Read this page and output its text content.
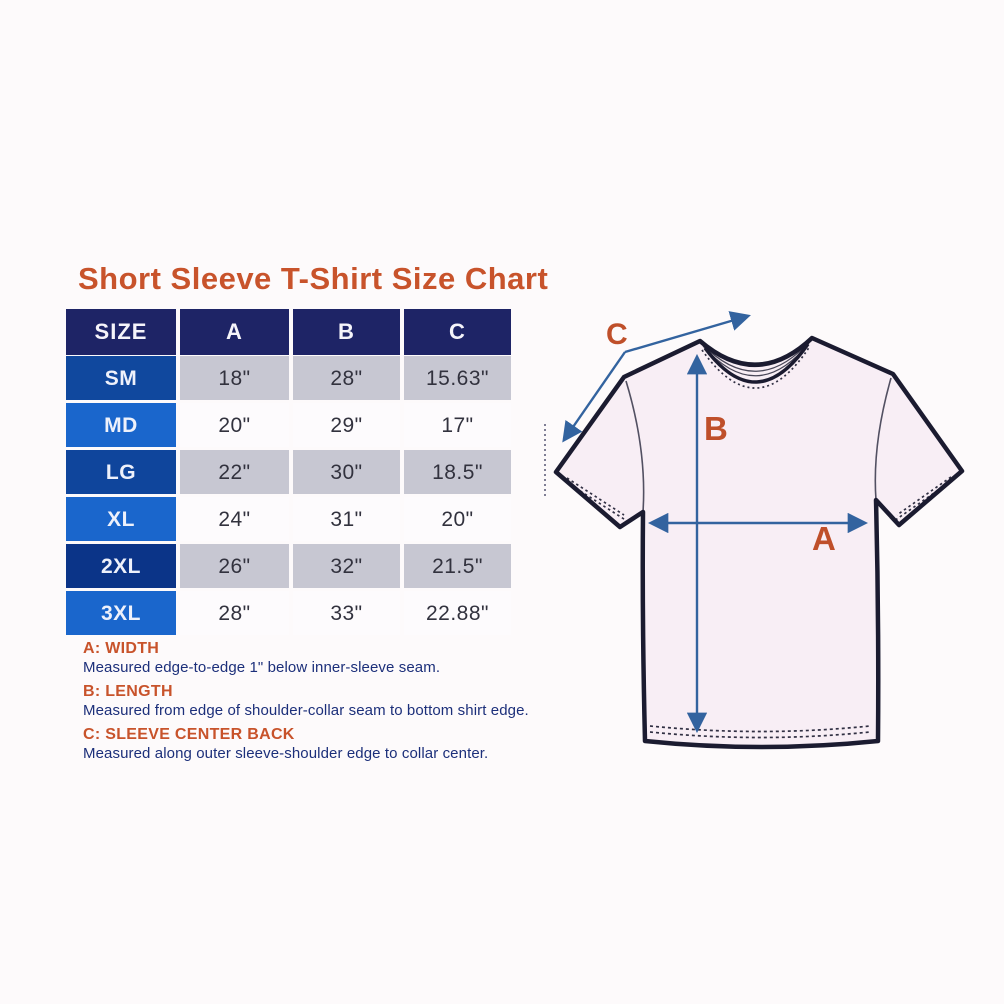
Short Sleeve T-Shirt Size Chart
SIZE	A	B	C
SM	18"	28"	15.63"
MD	20"	29"	17"
LG	22"	30"	18.5"
XL	24"	31"	20"
2XL	26"	32"	21.5"
3XL	28"	33"	22.88"
A: WIDTH
Measured edge-to-edge 1" below inner-sleeve seam.
B: LENGTH
Measured from edge of shoulder-collar seam to bottom shirt edge.
C: SLEEVE CENTER BACK
Measured along outer sleeve-shoulder edge to collar center.
C
B
A
